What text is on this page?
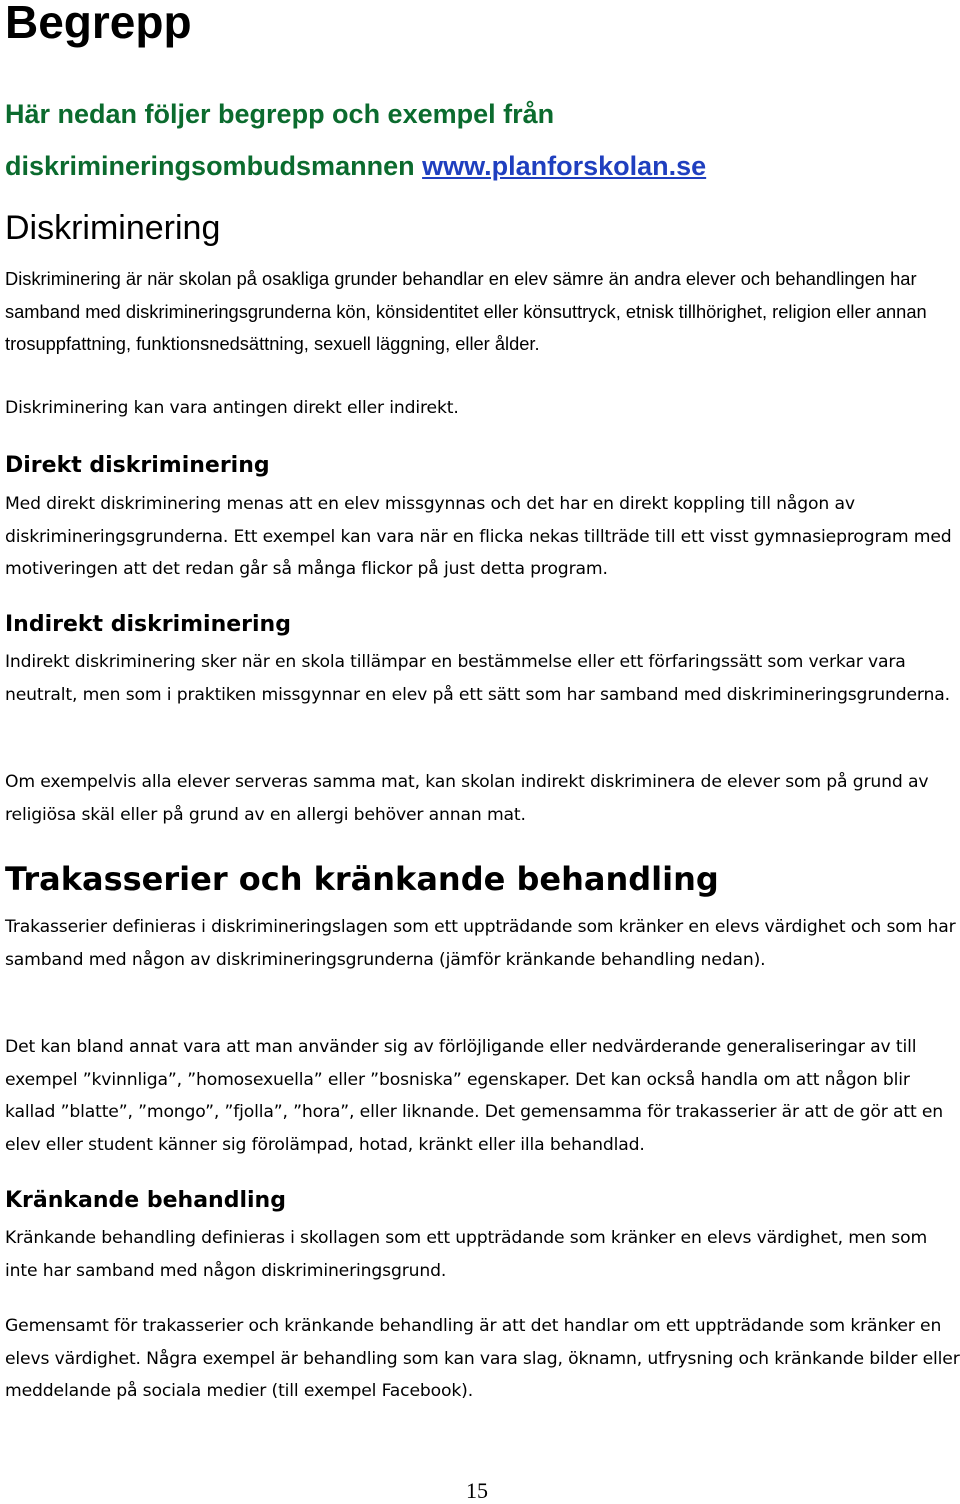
Begrepp
Här nedan följer begrepp och exempel från diskrimineringsombudsmannen www.planforskolan.se
Diskriminering

Diskriminering är när skolan på osakliga grunder behandlar en elev sämre än andra elever och behandlingen har samband med diskrimineringsgrunderna kön, könsidentitet eller könsuttryck, etnisk tillhörighet, religion eller annan trosuppfattning, funktionsnedsättning, sexuell läggning, eller ålder.

Diskriminering kan vara antingen direkt eller indirekt.

Direkt diskriminering

Med direkt diskriminering menas att en elev missgynnas och det har en direkt koppling till någon av diskrimineringsgrunderna. Ett exempel kan vara när en flicka nekas tillträde till ett visst gymnasieprogram med motiveringen att det redan går så många flickor på just detta program.

Indirekt diskriminering

Indirekt diskriminering sker när en skola tillämpar en bestämmelse eller ett förfaringssätt som verkar vara neutralt, men som i praktiken missgynnar en elev på ett sätt som har samband med diskrimineringsgrunderna.

Om exempelvis alla elever serveras samma mat, kan skolan indirekt diskriminera de elever som på grund av religiösa skäl eller på grund av en allergi behöver annan mat.

Trakasserier och kränkande behandling

Trakasserier definieras i diskrimineringslagen som ett uppträdande som kränker en elevs värdighet och som har samband med någon av diskrimineringsgrunderna (jämför kränkande behandling nedan).

Det kan bland annat vara att man använder sig av förlöjligande eller nedvärderande generaliseringar av till exempel ”kvinnliga”, ”homosexuella” eller ”bosniska” egenskaper. Det kan också handla om att någon blir kallad ”blatte”, ”mongo”, ”fjolla”, ”hora”, eller liknande. Det gemensamma för trakasserier är att de gör att en elev eller student känner sig förolämpad, hotad, kränkt eller illa behandlad.

Kränkande behandling

Kränkande behandling definieras i skollagen som ett uppträdande som kränker en elevs värdighet, men som inte har samband med någon diskrimineringsgrund.

Gemensamt för trakasserier och kränkande behandling är att det handlar om ett uppträdande som kränker en elevs värdighet. Några exempel är behandling som kan vara slag, öknamn, utfrysning och kränkande bilder eller meddelande på sociala medier (till exempel Facebook).

15
